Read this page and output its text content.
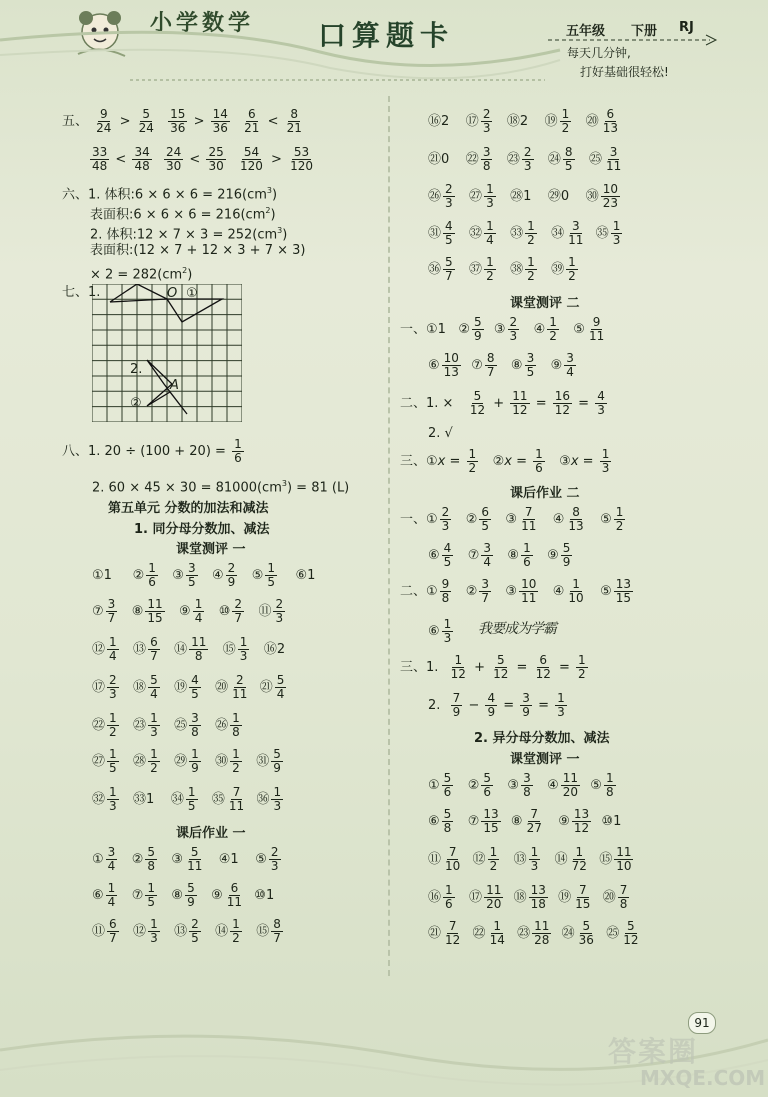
小学数学 口算题卡	五年级 下册 RJ
每天几分钟,
打好基础很轻松!
五、 $\frac{9}{24} > \frac{5}{24}$
$\frac{15}{36} > \frac{14}{36}$
$\frac{6}{21} < \frac{8}{21}$
$\frac{33}{48} < \frac{34}{48}$
$\frac{24}{30} < \frac{25}{30}$
$\frac{54}{120} > \frac{53}{120}$
六、1. 体积:6 × $6 \times 6 = 216(cm^3)$
表面积:6 × $6 \times 6 = 216(cm^2)$
2. 体积:12 × $7 \times 3 = 252(cm^3)$
表面积:(12 × 7 + 12 × 3 + 7 × 3)
× $2 = 282(cm^2)$
七、1.	O ①
2.
A
②
八、1. $20 \div (100 + 20) = \frac{1}{6}$
2. $60 \times 45 \times 30 = 81000(cm^3) = 81$ (L)
第五单元 分数的加法和减法
1. 同分母分数加、减法
课堂测评 一
①1     ② $\frac{1}{6}$ ③ $\frac{3}{5}$ ④ $\frac{2}{9}$ ⑤ $\frac{1}{5}$ ⑥1
⑦ $\frac{3}{7}$ ⑧ $\frac{11}{15}$ ⑨ $\frac{1}{4}$ ⑩ $\frac{2}{7}$ ⑪ $\frac{2}{3}$
⑫ $\frac{1}{4}$ ⑬ $\frac{6}{7}$ ⑭ $\frac{11}{8}$ ⑮ $\frac{1}{3}$ ⑯2
⑰ $\frac{2}{3}$ ⑱ $\frac{5}{4}$ ⑲ $\frac{4}{5}$ ⑳ $\frac{2}{11}$ ㉑ $\frac{5}{4}$
㉒ $\frac{1}{2}$ ㉓ $\frac{1}{3}$ ㉕ $\frac{3}{8}$ ㉖ $\frac{1}{8}$
㉗ $\frac{1}{5}$ ㉘ $\frac{1}{2}$ ㉙ $\frac{1}{9}$ ㉚ $\frac{1}{2}$ ㉛ $\frac{5}{9}$
㉜ $\frac{1}{3}$ ㉝1    ㉞ $\frac{1}{5}$ ㉟ $\frac{7}{11}$ ㊱ $\frac{1}{3}$
课后作业 一
① $\frac{3}{4}$ ② $\frac{5}{8}$ ③ $\frac{5}{11}$ ④1    ⑤ $\frac{2}{3}$
⑥ $\frac{1}{4}$ ⑦ $\frac{1}{5}$ ⑧ $\frac{5}{9}$ ⑨ $\frac{6}{11}$ ⑩1
⑪ $\frac{6}{7}$ ⑫ $\frac{1}{3}$ ⑬ $\frac{2}{5}$ ⑭ $\frac{1}{2}$ ⑮ $\frac{8}{7}$
⑯2    ⑰ $\frac{2}{3}$ ⑱2    ⑲ $\frac{1}{2}$ ⑳ $\frac{6}{13}$
㉑0    ㉒ $\frac{3}{8}$ ㉓ $\frac{2}{3}$ ㉔ $\frac{8}{5}$ ㉕ $\frac{3}{11}$
㉖ $\frac{2}{3}$ ㉗ $\frac{1}{3}$ ㉘1    ㉙0    ㉚ $\frac{10}{23}$
㉛ $\frac{4}{5}$ ㉜ $\frac{1}{4}$ ㉝ $\frac{1}{2}$ ㉞ $\frac{3}{11}$ ㉟ $\frac{1}{3}$
㊱ $\frac{5}{7}$ ㊲ $\frac{1}{2}$ ㊳ $\frac{1}{2}$ ㊴ $\frac{1}{2}$
课堂测评 二
一、①1   ② $\frac{5}{9}$ ③ $\frac{2}{3}$ ④ $\frac{1}{2}$ ⑤ $\frac{9}{11}$
⑥ $\frac{10}{13}$ ⑦ $\frac{8}{7}$ ⑧ $\frac{3}{5}$ ⑨ $\frac{3}{4}$
二、1. × $\frac{5}{12} + \frac{11}{12} = \frac{16}{12} = \frac{4}{3}$
2. √
三、①x = $\frac{1}{2}$ ②x = $\frac{1}{6}$ ③x = $\frac{1}{3}$
课后作业 二
一、① $\frac{2}{3}$ ② $\frac{6}{5}$ ③ $\frac{7}{11}$ ④ $\frac{8}{13}$ ⑤ $\frac{1}{2}$
⑥ $\frac{4}{5}$ ⑦ $\frac{3}{4}$ ⑧ $\frac{1}{6}$ ⑨ $\frac{5}{9}$
二、① $\frac{9}{8}$ ② $\frac{3}{7}$ ③ $\frac{10}{11}$ ④ $\frac{1}{10}$ ⑤ $\frac{13}{15}$
⑥ $\frac{1}{3}$ 我要成为学霸
三、1. $\frac{1}{12} + \frac{5}{12} = \frac{6}{12} = \frac{1}{2}$
2. $\frac{7}{9} - \frac{4}{9} = \frac{3}{9} = \frac{1}{3}$
2. 异分母分数加、减法
课堂测评 一
① $\frac{5}{6}$ ② $\frac{5}{6}$ ③ $\frac{3}{8}$ ④ $\frac{11}{20}$ ⑤ $\frac{1}{8}$
⑥ $\frac{5}{8}$ ⑦ $\frac{13}{15}$ ⑧ $\frac{7}{27}$ ⑨ $\frac{13}{12}$ ⑩1
⑪ $\frac{7}{10}$ ⑫ $\frac{1}{2}$ ⑬ $\frac{1}{3}$ ⑭ $\frac{1}{72}$ ⑮ $\frac{11}{10}$
⑯ $\frac{1}{6}$ ⑰ $\frac{11}{20}$ ⑱ $\frac{13}{18}$ ⑲ $\frac{7}{15}$ ⑳ $\frac{7}{8}$
㉑ $\frac{7}{12}$ ㉒ $\frac{1}{14}$ ㉓ $\frac{11}{28}$ ㉔ $\frac{5}{36}$ ㉕ $\frac{5}{12}$
91
答案圈
MXQE.COM
